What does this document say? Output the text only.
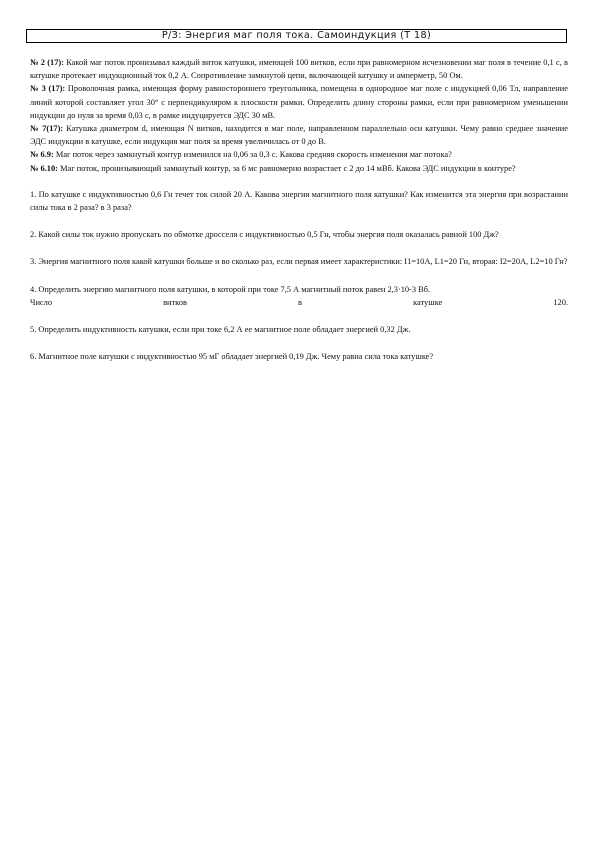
Р/З: Энергия маг поля тока. Самоиндукция (Т 18)

№ 2 (17): Какой маг поток пронизывал каждый виток катушки, имеющей 100 витков, если при равномерном исчезновении маг поля в течение 0,1 с, в катушке протекает индукционный ток 0,2 А. Сопротивление замкнутой цепи, включающей катушку и амперметр, 50 Ом.

№ 3 (17): Проволочная рамка, имеющая форму равностороннего треугольника, помещена в однородное маг поле с индукцией 0,06 Тл, направление линий которой составляет угол 30° с перпендикуляром к плоскости рамки. Определить длину стороны рамки, если при равномерном уменьшении индукции до нуля за время 0,03 с, в рамке индуцируется ЭДС 30 мВ.

№ 7(17): Катушка диаметром d, имеющая N витков, находится в маг поле, направленном параллельно оси катушки. Чему равно среднее значение ЭДС индукции в катушке, если индукция маг поля за время увеличилась от 0 до В.

№ 6.9: Маг поток через замкнутый контур изменился на 0,06 за 0,3 с. Какова средняя скорость изменения маг потока?

№ 6.10: Маг поток, пронизывающий замкнутый контур, за 6 мс равномерно возрастает с 2 до 14 мВб. Какова ЭДС индукции в контуре?

1. По катушке с индуктивностью 0,6 Гн течет ток силой 20 А. Какова энергия магнитного поля катушки? Как изменится эта энергия при возрастании силы тока в 2 раза? в 3 раза?

2. Какой силы ток нужно пропускать по обмотке дросселя с индуктивностью 0,5 Гн, чтобы энергия поля оказалась равной 100 Дж?

3. Энергия магнитного поля какой катушки больше и во сколько раз, если первая имеет характеристики: I1=10A, L1=20 Гн, вторая: I2=20A, L2=10 Гн?

4. Определить энергию магнитного поля катушки, в которой при токе 7,5 А магнитный поток равен 2,3·10-3 Вб.

Число	витков	в	катушке	120.

5. Определить индуктивность катушки, если при токе 6,2 А ее магнитное поле обладает энергией 0,32 Дж.

6. Магнитное поле катушки с индуктивностью 95 мГ обладает энергией 0,19 Дж. Чему равна сила тока катушке?
